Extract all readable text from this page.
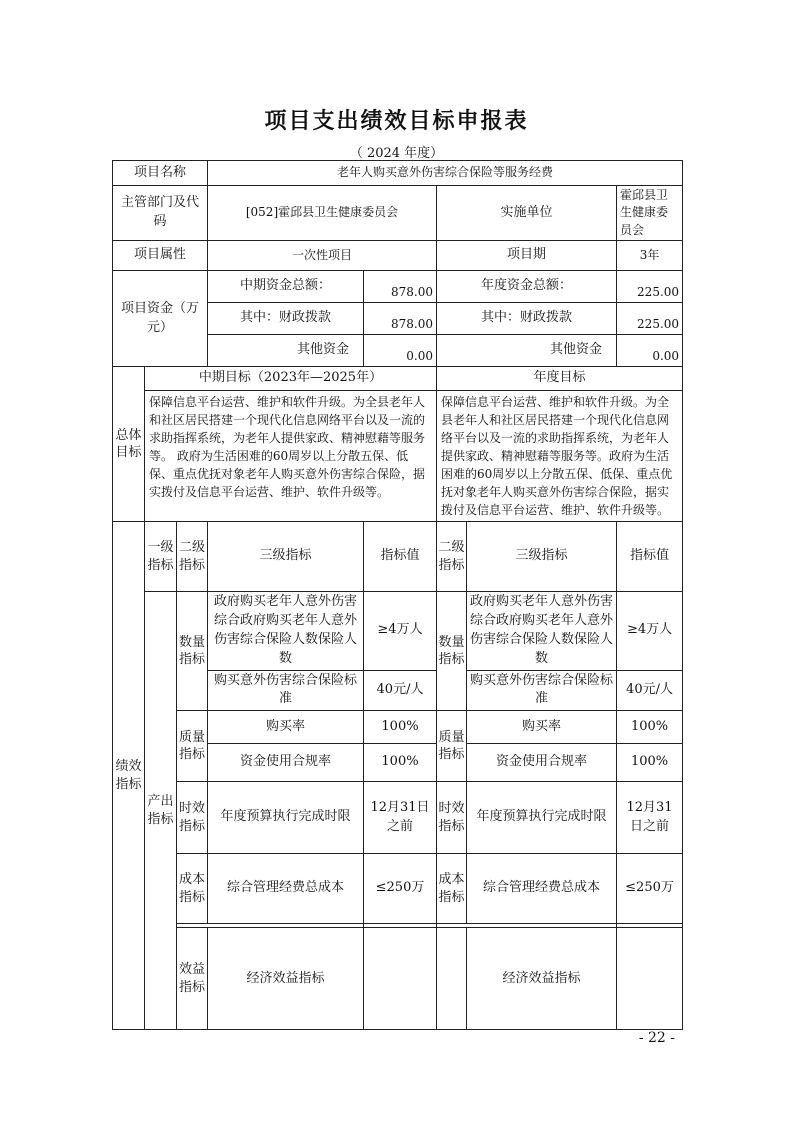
项目支出绩效目标申报表
（ 2024 年度）
项目名称			老年人购买意外伤害综合保险等服务经费					
主管部门及代码			[052]霍邱县卫生健康委员会		实施单位		霍邱县卫生健康委员会	
项目属性			一次性项目		项目期		3年	
项目资金（万元）			中期资金总额：	878.00	年度资金总额：		225.00	
			其中：财政拨款	878.00	其中：财政拨款		225.00	
			其他资金	0.00	其他资金		0.00	
总体目标	中期目标（2023年—2025年）				年度目标			
	保障信息平台运营、维护和软件升级。为全县老年人和社区居民搭建一个现代化信息网络平台以及一流的求助指挥系统，为老年人提供家政、精神慰藉等服务等。 政府为生活困难的60周岁以上分散五保、低保、重点优抚对象老年人购买意外伤害综合保险，据实拨付及信息平台运营、维护、软件升级等。				保障信息平台运营、维护和软件升级。为全县老年人和社区居民搭建一个现代化信息网络平台以及一流的求助指挥系统，为老年人提供家政、精神慰藉等服务等。政府为生活困难的60周岁以上分散五保、低保、重点优抚对象老年人购买意外伤害综合保险，据实拨付及信息平台运营、维护、软件升级等。			
绩效指标	一级指标	二级指标	三级指标	指标值	二级指标	三级指标	指标值	
	产出指标	数量指标	政府购买老年人意外伤害综合政府购买老年人意外伤害综合保险人数保险人数	≥4万人	数量指标	政府购买老年人意外伤害综合政府购买老年人意外伤害综合保险人数保险人数	≥4万人	
			购买意外伤害综合保险标准	40元/人		购买意外伤害综合保险标准	40元/人	
		质量指标	购买率	100%	质量指标	购买率	100%	
			资金使用合规率	100%		资金使用合规率	100%	
		时效指标	年度预算执行完成时限	12月31日之前	时效指标	年度预算执行完成时限	12月31日之前	
		成本指标	综合管理经费总成本	≤250万	成本指标	综合管理经费总成本	≤250万	

		效益指标	经济效益指标			经济效益指标		
- 22 -
